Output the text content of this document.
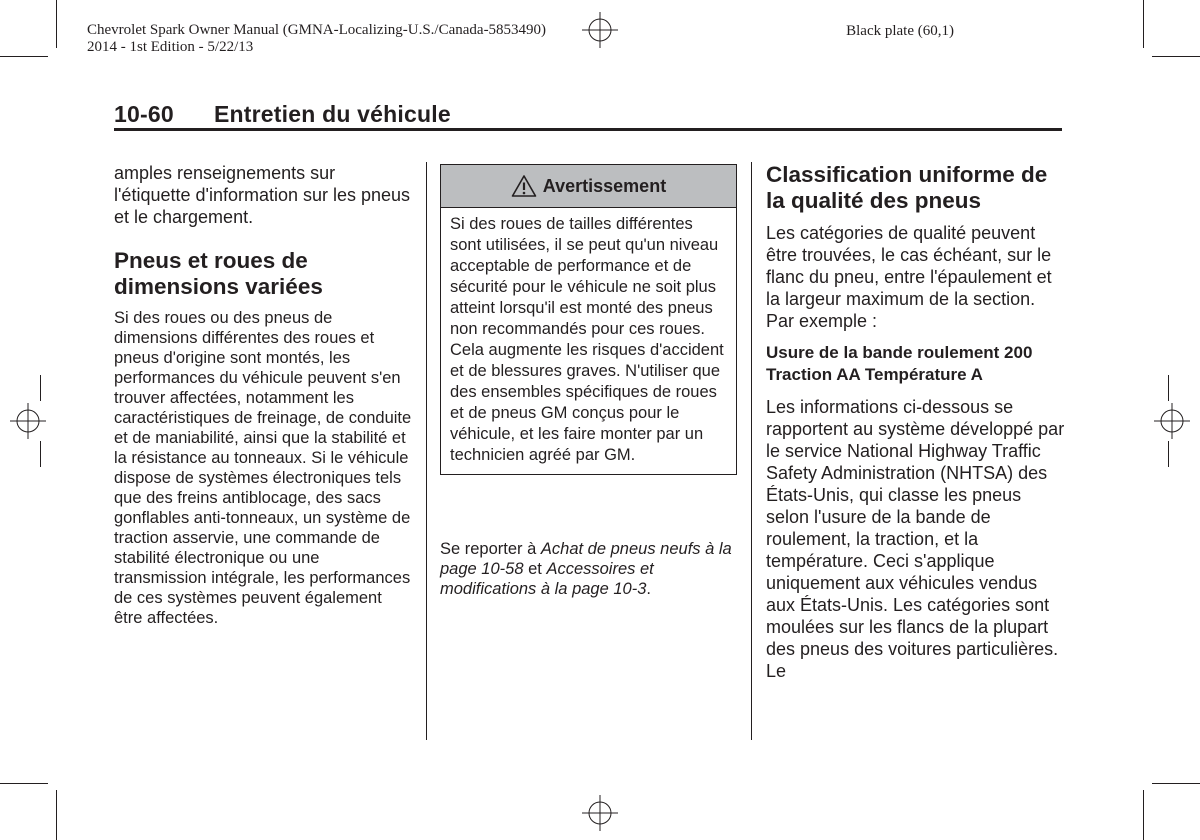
Chevrolet Spark Owner Manual (GMNA-Localizing-U.S./Canada-5853490)
2014 - 1st Edition - 5/22/13
Black plate (60,1)
10-60 Entretien du véhicule

amples renseignements sur l'étiquette d'information sur les pneus et le chargement.

Pneus et roues de dimensions variées

Si des roues ou des pneus de dimensions différentes des roues et pneus d'origine sont montés, les performances du véhicule peuvent s'en trouver affectées, notamment les caractéristiques de freinage, de conduite et de maniabilité, ainsi que la stabilité et la résistance au tonneaux. Si le véhicule dispose de systèmes électroniques tels que des freins antiblocage, des sacs gonflables anti-tonneaux, un système de traction asservie, une commande de stabilité électronique ou une transmission intégrale, les performances de ces systèmes peuvent également être affectées.

Avertissement
Si des roues de tailles différentes sont utilisées, il se peut qu'un niveau acceptable de performance et de sécurité pour le véhicule ne soit plus atteint lorsqu'il est monté des pneus non recommandés pour ces roues. Cela augmente les risques d'accident et de blessures graves. N'utiliser que des ensembles spécifiques de roues et de pneus GM conçus pour le véhicule, et les faire monter par un technicien agréé par GM.
Se reporter à Achat de pneus neufs à la page 10-58 et Accessoires et modifications à la page 10-3.

Classification uniforme de la qualité des pneus

Les catégories de qualité peuvent être trouvées, le cas échéant, sur le flanc du pneu, entre l'épaulement et la largeur maximum de la section. Par exemple :

Usure de la bande roulement 200 Traction AA Température A

Les informations ci-dessous se rapportent au système développé par le service National Highway Traffic Safety Administration (NHTSA) des États-Unis, qui classe les pneus selon l'usure de la bande de roulement, la traction, et la température. Ceci s'applique uniquement aux véhicules vendus aux États-Unis. Les catégories sont moulées sur les flancs de la plupart des pneus des voitures particulières. Le
